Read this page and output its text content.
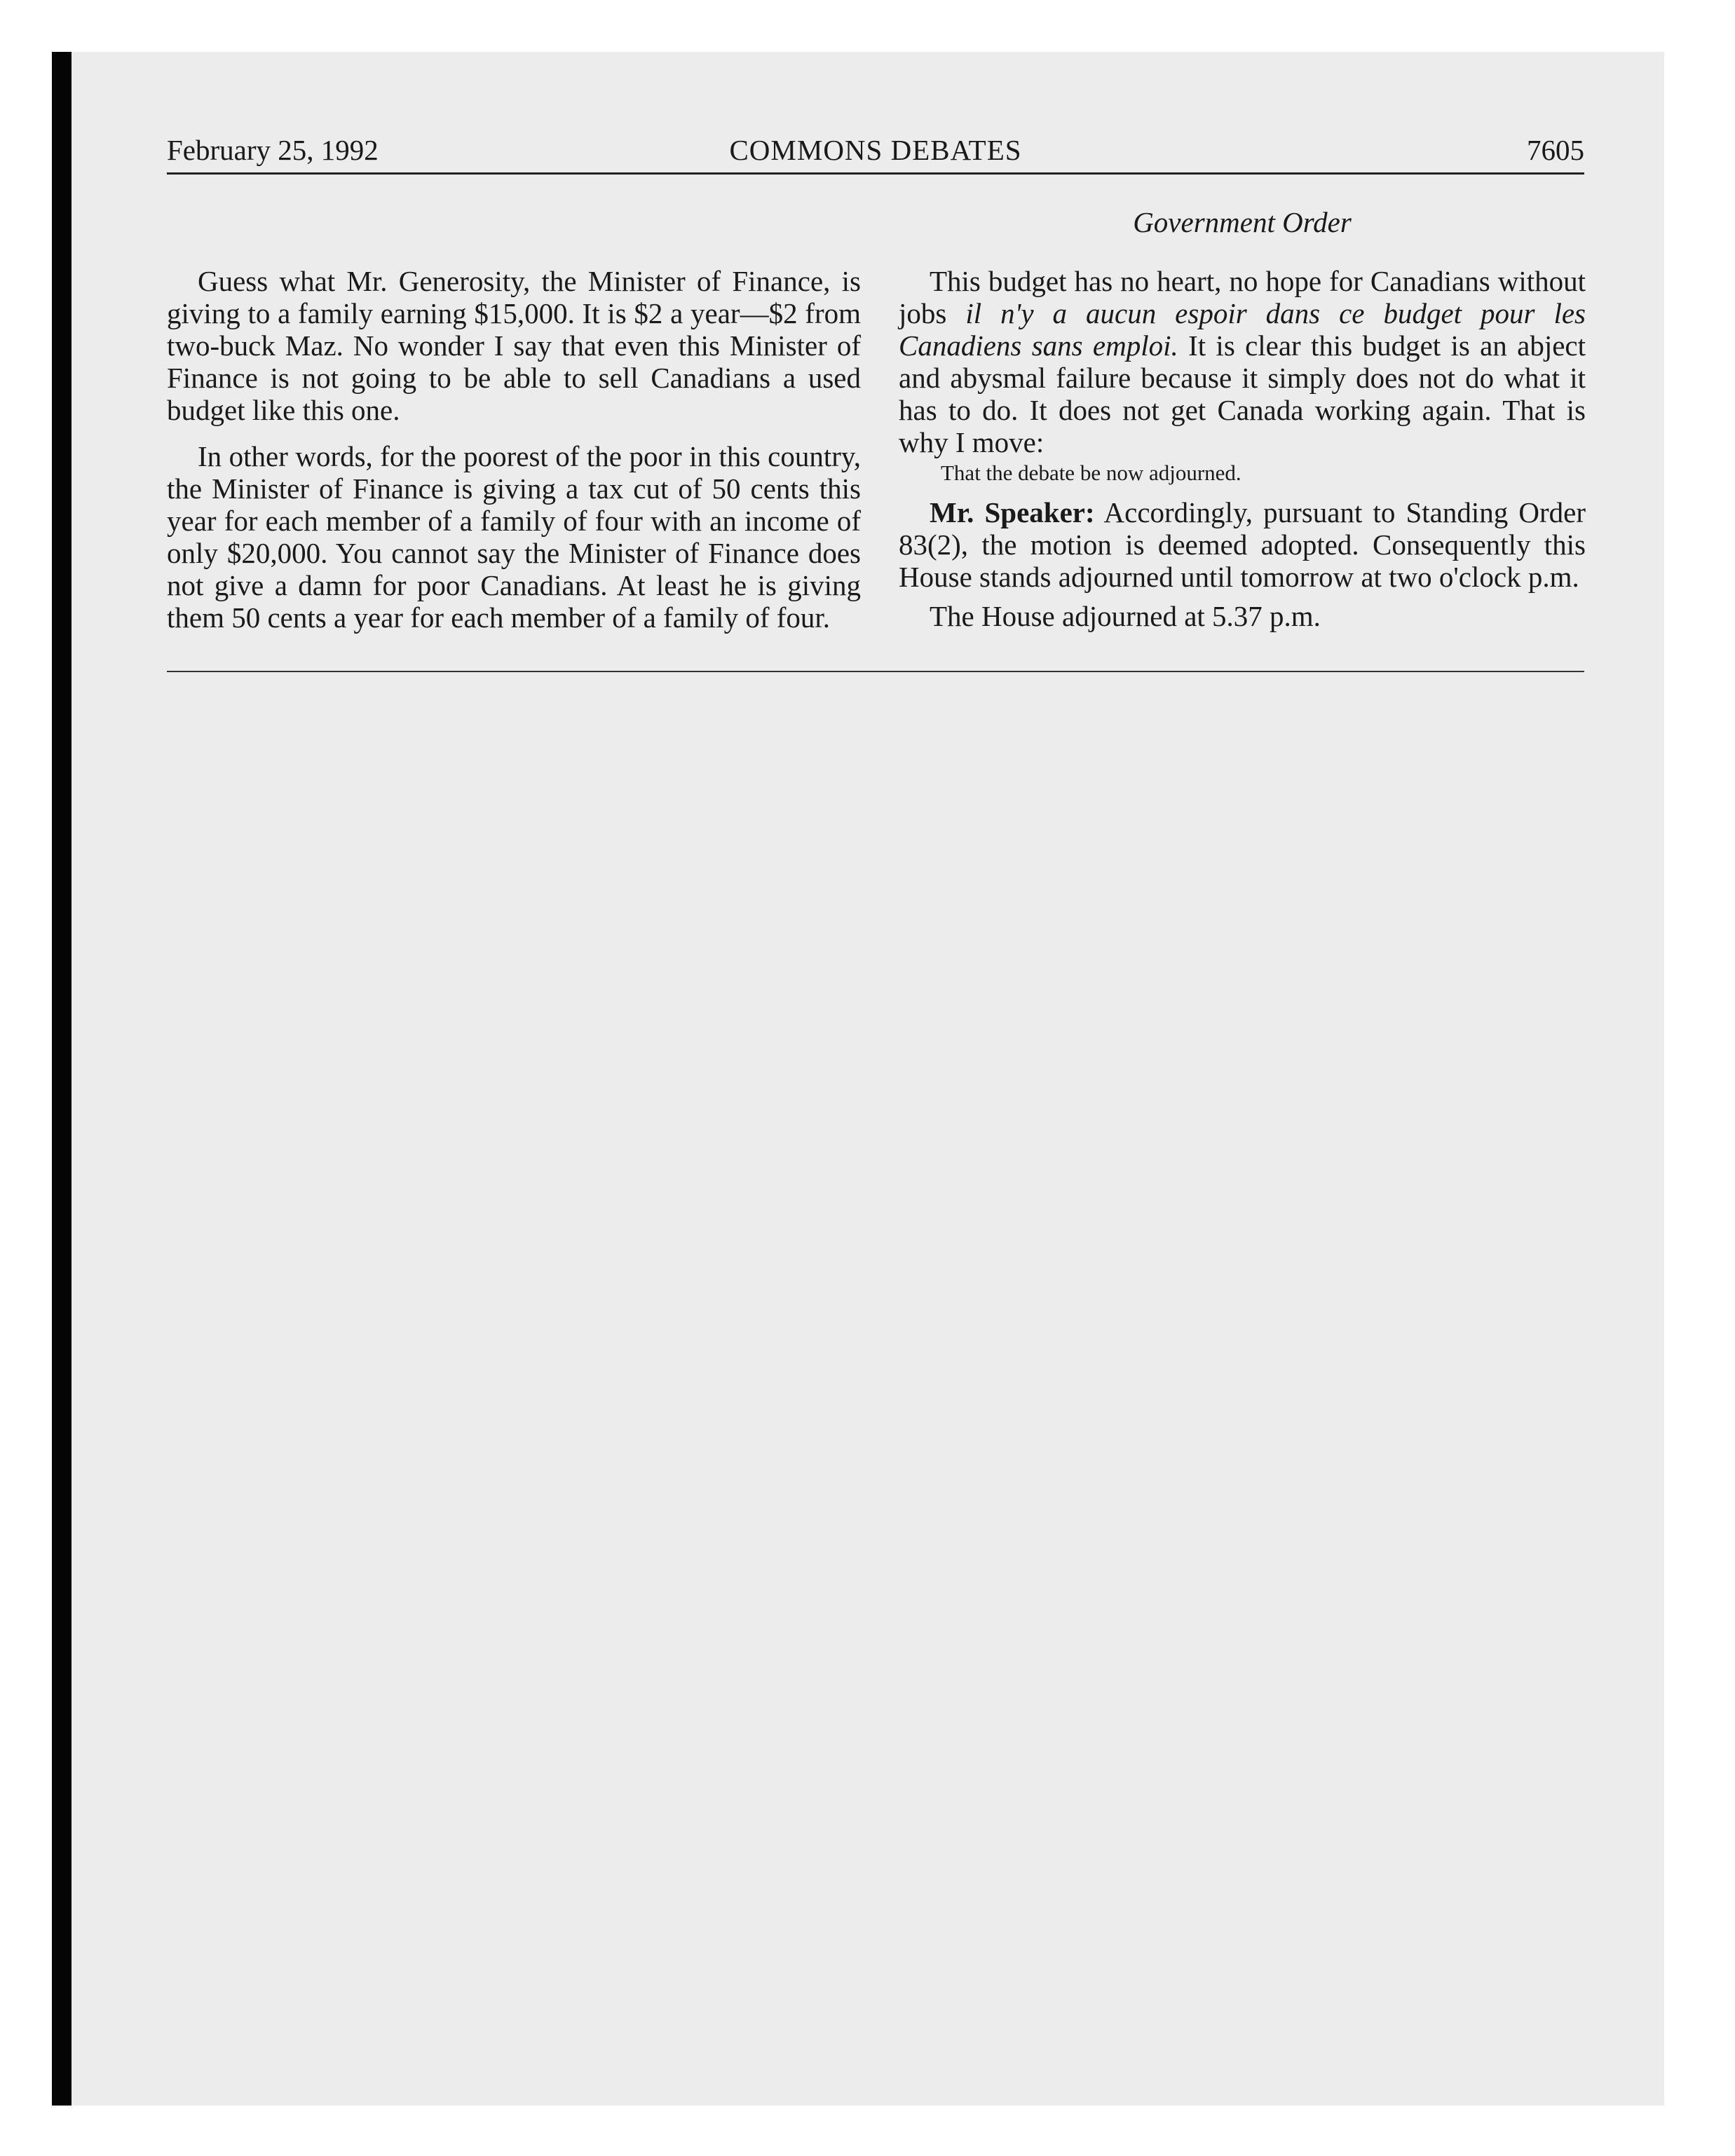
February 25, 1992	COMMONS DEBATES	7605

Guess what Mr. Generosity, the Minister of Finance, is giving to a family earning $15,000. It is $2 a year—$2 from two-buck Maz. No wonder I say that even this Minister of Finance is not going to be able to sell Canadians a used budget like this one.

In other words, for the poorest of the poor in this country, the Minister of Finance is giving a tax cut of 50 cents this year for each member of a family of four with an income of only $20,000. You cannot say the Minister of Finance does not give a damn for poor Canadians. At least he is giving them 50 cents a year for each member of a family of four.

Government Order

This budget has no heart, no hope for Canadians without jobs il n'y a aucun espoir dans ce budget pour les Canadiens sans emploi. It is clear this budget is an abject and abysmal failure because it simply does not do what it has to do. It does not get Canada working again. That is why I move:

That the debate be now adjourned.

Mr. Speaker: Accordingly, pursuant to Standing Order 83(2), the motion is deemed adopted. Consequently this House stands adjourned until tomorrow at two o'clock p.m.

The House adjourned at 5.37 p.m.
